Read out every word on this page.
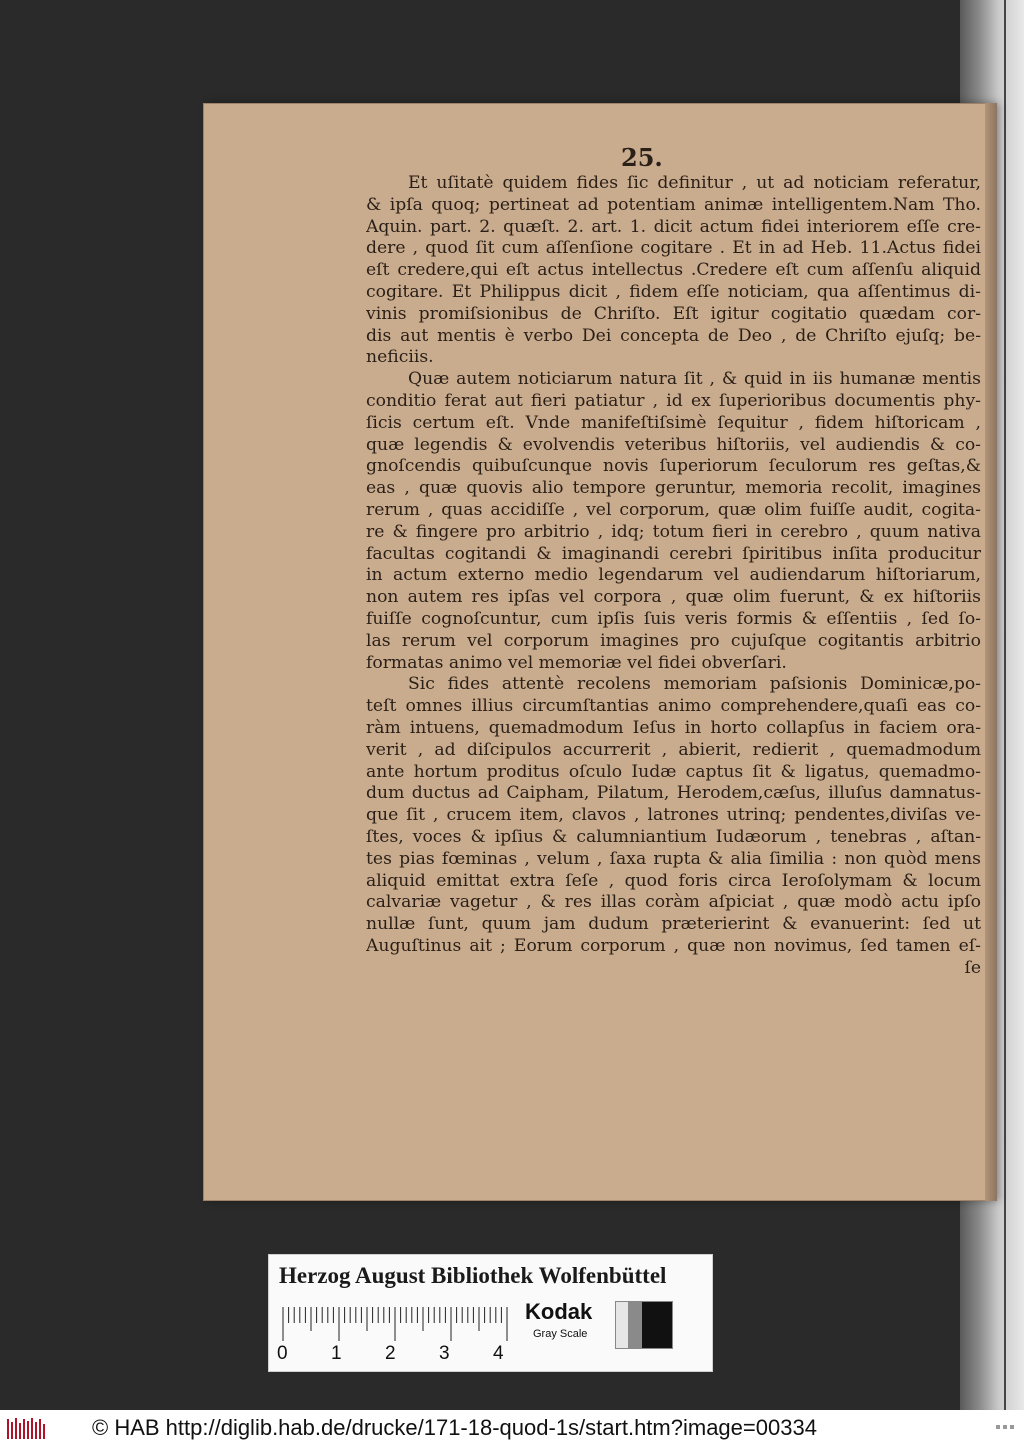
25.
Et uſitatè quidem fides ſic definitur , ut ad noticiam referatur,
& ipſa quoq; pertineat ad potentiam animæ intelligentem.Nam Tho.
Aquin. part. 2. quæſt. 2. art. 1. dicit actum fidei interiorem eſſe cre-
dere , quod ſit cum aſſenſione cogitare . Et in ad Heb. 11.Actus fidei
eſt credere,qui eſt actus intellectus .Credere eſt cum aſſenſu aliquid
cogitare. Et Philippus dicit , fidem eſſe noticiam, qua aſſentimus di-
vinis promiſsionibus de Chriſto. Eſt igitur cogitatio quædam cor-
dis aut mentis è verbo Dei concepta de Deo , de Chriſto ejuſq; be-
neficiis.
Quæ autem noticiarum natura ſit , & quid in iis humanæ mentis
conditio ferat aut fieri patiatur , id ex ſuperioribus documentis phy-
ſicis certum eſt. Vnde manifeſtiſsimè ſequitur , fidem hiſtoricam ,
quæ legendis & evolvendis veteribus hiſtoriis, vel audiendis & co-
gnoſcendis quibuſcunque novis ſuperiorum ſeculorum res geſtas,&
eas , quæ quovis alio tempore geruntur, memoria recolit, imagines
rerum , quas accidiſſe , vel corporum, quæ olim fuiſſe audit, cogita-
re & fingere pro arbitrio , idq; totum fieri in cerebro , quum nativa
facultas cogitandi & imaginandi cerebri ſpiritibus inſita producitur
in actum externo medio legendarum vel audiendarum hiſtoriarum,
non autem res ipſas vel corpora , quæ olim fuerunt, & ex hiſtoriis
fuiſſe cognoſcuntur, cum ipſis ſuis veris formis & eſſentiis , ſed ſo-
las rerum vel corporum imagines pro cujuſque cogitantis arbitrio
formatas animo vel memoriæ vel fidei obverſari.
Sic fides attentè recolens memoriam paſsionis Dominicæ,po-
teſt omnes illius circumſtantias animo comprehendere,quaſi eas co-
ràm intuens, quemadmodum Ieſus in horto collapſus in faciem ora-
verit , ad diſcipulos accurrerit , abierit, redierit , quemadmodum
ante hortum proditus oſculo Iudæ captus ſit & ligatus, quemadmo-
dum ductus ad Caipham, Pilatum, Herodem,cæſus, illuſus damnatus-
que ſit , crucem item, clavos , latrones utrinq; pendentes,diviſas ve-
ſtes, voces & ipſius & calumniantium Iudæorum , tenebras , aſtan-
tes pias fœminas , velum , ſaxa rupta & alia ſimilia : non quòd mens
aliquid emittat extra ſeſe , quod foris circa Ieroſolymam & locum
calvariæ vagetur , & res illas coràm aſpiciat , quæ modò actu ipſo
nullæ ſunt, quum jam dudum præterierint & evanuerint: ſed ut
Auguſtinus ait ; Eorum corporum , quæ non novimus, ſed tamen eſ-
ſe
Herzog August Bibliothek Wolfenbüttel
0 1 2 3 4
Kodak
Gray Scale
© HAB http://diglib.hab.de/drucke/171-18-quod-1s/start.htm?image=00334
